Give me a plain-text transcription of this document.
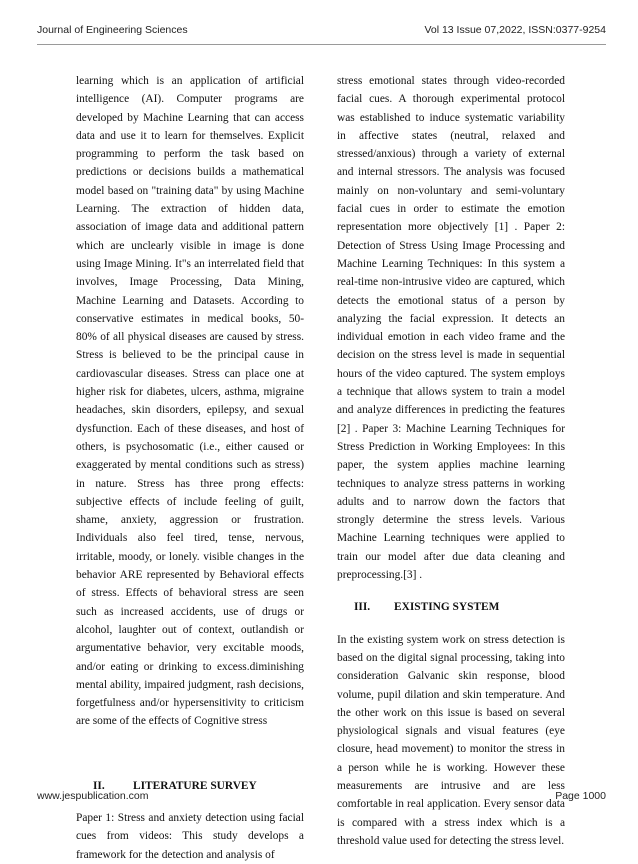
Journal of Engineering Sciences	Vol 13 Issue 07,2022, ISSN:0377-9254

learning which is an application of artificial intelligence (AI). Computer programs are developed by Machine Learning that can access data and use it to learn for themselves. Explicit programming to perform the task based on predictions or decisions builds a mathematical model based on "training data" by using Machine Learning. The extraction of hidden data, association of image data and additional pattern which are unclearly visible in image is done using Image Mining. It"s an interrelated field that involves, Image Processing, Data Mining, Machine Learning and Datasets. According to conservative estimates in medical books, 50- 80% of all physical diseases are caused by stress. Stress is believed to be the principal cause in cardiovascular diseases. Stress can place one at higher risk for diabetes, ulcers, asthma, migraine headaches, skin disorders, epilepsy, and sexual dysfunction. Each of these diseases, and host of others, is psychosomatic (i.e., either caused or exaggerated by mental conditions such as stress) in nature. Stress has three prong effects: subjective effects of include feeling of guilt, shame, anxiety, aggression or frustration. Individuals also feel tired, tense, nervous, irritable, moody, or lonely. visible changes in the behavior ARE represented by Behavioral effects of stress. Effects of behavioral stress are seen such as increased accidents, use of drugs or alcohol, laughter out of context, outlandish or argumentative behavior, very excitable moods, and/or eating or drinking to excess.diminishing mental ability, impaired judgment, rash decisions, forgetfulness and/or hypersensitivity to criticism are some of the effects of Cognitive stress

II.	LITERATURE SURVEY

Paper 1: Stress and anxiety detection using facial cues from videos: This study develops a framework for the detection and analysis of

stress emotional states through video-recorded facial cues. A thorough experimental protocol was established to induce systematic variability in affective states (neutral, relaxed and stressed/anxious) through a variety of external and internal stressors. The analysis was focused mainly on non-voluntary and semi-voluntary facial cues in order to estimate the emotion representation more objectively [1] . Paper 2: Detection of Stress Using Image Processing and Machine Learning Techniques: In this system a real-time non-intrusive video are captured, which detects the emotional status of a person by analyzing the facial expression. It detects an individual emotion in each video frame and the decision on the stress level is made in sequential hours of the video captured. The system employs a technique that allows system to train a model and analyze differences in predicting the features [2] . Paper 3: Machine Learning Techniques for Stress Prediction in Working Employees: In this paper, the system applies machine learning techniques to analyze stress patterns in working adults and to narrow down the factors that strongly determine the stress levels. Various Machine Learning techniques were applied to train our model after due data cleaning and preprocessing.[3] .

III.	EXISTING SYSTEM

In the existing system work on stress detection is based on the digital signal processing, taking into consideration Galvanic skin response, blood volume, pupil dilation and skin temperature. And the other work on this issue is based on several physiological signals and visual features (eye closure, head movement) to monitor the stress in a person while he is working. However these measurements are intrusive and are less comfortable in real application. Every sensor data is compared with a stress index which is a threshold value used for detecting the stress level.

www.jespublication.com	Page 1000
